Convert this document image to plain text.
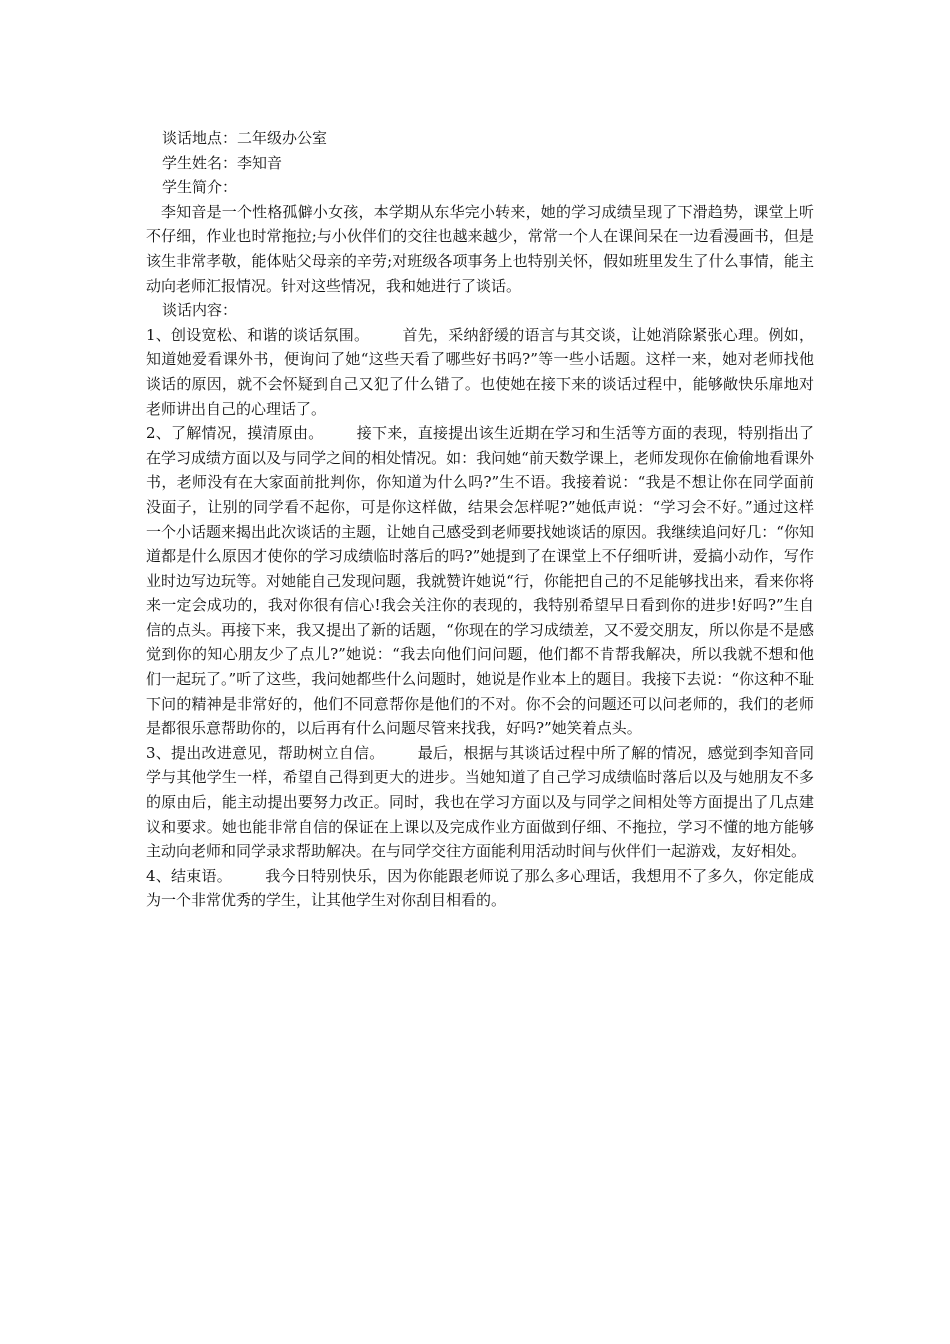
谈话地点：二年级办公室

学生姓名：李知音

学生简介：

李知音是一个性格孤僻小女孩，本学期从东华完小转来，她的学习成绩呈现了下滑趋势，课堂上听不仔细，作业也时常拖拉;与小伙伴们的交往也越来越少，常常一个人在课间呆在一边看漫画书，但是该生非常孝敬，能体贴父母亲的辛劳;对班级各项事务上也特别关怀，假如班里发生了什么事情，能主动向老师汇报情况。针对这些情况，我和她进行了谈话。

谈话内容：

1、创设宽松、和谐的谈话氛围。 首先，采纳舒缓的语言与其交谈，让她消除紧张心理。例如，知道她爱看课外书，便询问了她“这些天看了哪些好书吗?”等一些小话题。这样一来，她对老师找他谈话的原因，就不会怀疑到自己又犯了什么错了。也使她在接下来的谈话过程中，能够敞快乐扉地对老师讲出自己的心理话了。

2、了解情况，摸清原由。 接下来，直接提出该生近期在学习和生活等方面的表现，特别指出了在学习成绩方面以及与同学之间的相处情况。如：我问她“前天数学课上，老师发现你在偷偷地看课外书，老师没有在大家面前批判你，你知道为什么吗?”生不语。我接着说：“我是不想让你在同学面前没面子，让别的同学看不起你，可是你这样做，结果会怎样呢?”她低声说：“学习会不好。”通过这样一个小话题来揭出此次谈话的主题，让她自己感受到老师要找她谈话的原因。我继续追问好几：“你知道都是什么原因才使你的学习成绩临时落后的吗?”她提到了在课堂上不仔细听讲，爱搞小动作，写作业时边写边玩等。对她能自己发现问题，我就赞许她说“行，你能把自己的不足能够找出来，看来你将来一定会成功的，我对你很有信心!我会关注你的表现的，我特别希望早日看到你的进步!好吗?”生自信的点头。再接下来，我又提出了新的话题，“你现在的学习成绩差，又不爱交朋友，所以你是不是感觉到你的知心朋友少了点儿?”她说：“我去向他们问问题，他们都不肯帮我解决，所以我就不想和他们一起玩了。”听了这些，我问她都些什么问题时，她说是作业本上的题目。我接下去说：“你这种不耻下问的精神是非常好的，他们不同意帮你是他们的不对。你不会的问题还可以问老师的，我们的老师是都很乐意帮助你的，以后再有什么问题尽管来找我，好吗?”她笑着点头。

3、提出改进意见，帮助树立自信。 最后，根据与其谈话过程中所了解的情况，感觉到李知音同学与其他学生一样，希望自己得到更大的进步。当她知道了自己学习成绩临时落后以及与她朋友不多的原由后，能主动提出要努力改正。同时，我也在学习方面以及与同学之间相处等方面提出了几点建议和要求。她也能非常自信的保证在上课以及完成作业方面做到仔细、不拖拉，学习不懂的地方能够主动向老师和同学录求帮助解决。在与同学交往方面能利用活动时间与伙伴们一起游戏，友好相处。

4、结束语。 我今日特别快乐，因为你能跟老师说了那么多心理话，我想用不了多久，你定能成为一个非常优秀的学生，让其他学生对你刮目相看的。
